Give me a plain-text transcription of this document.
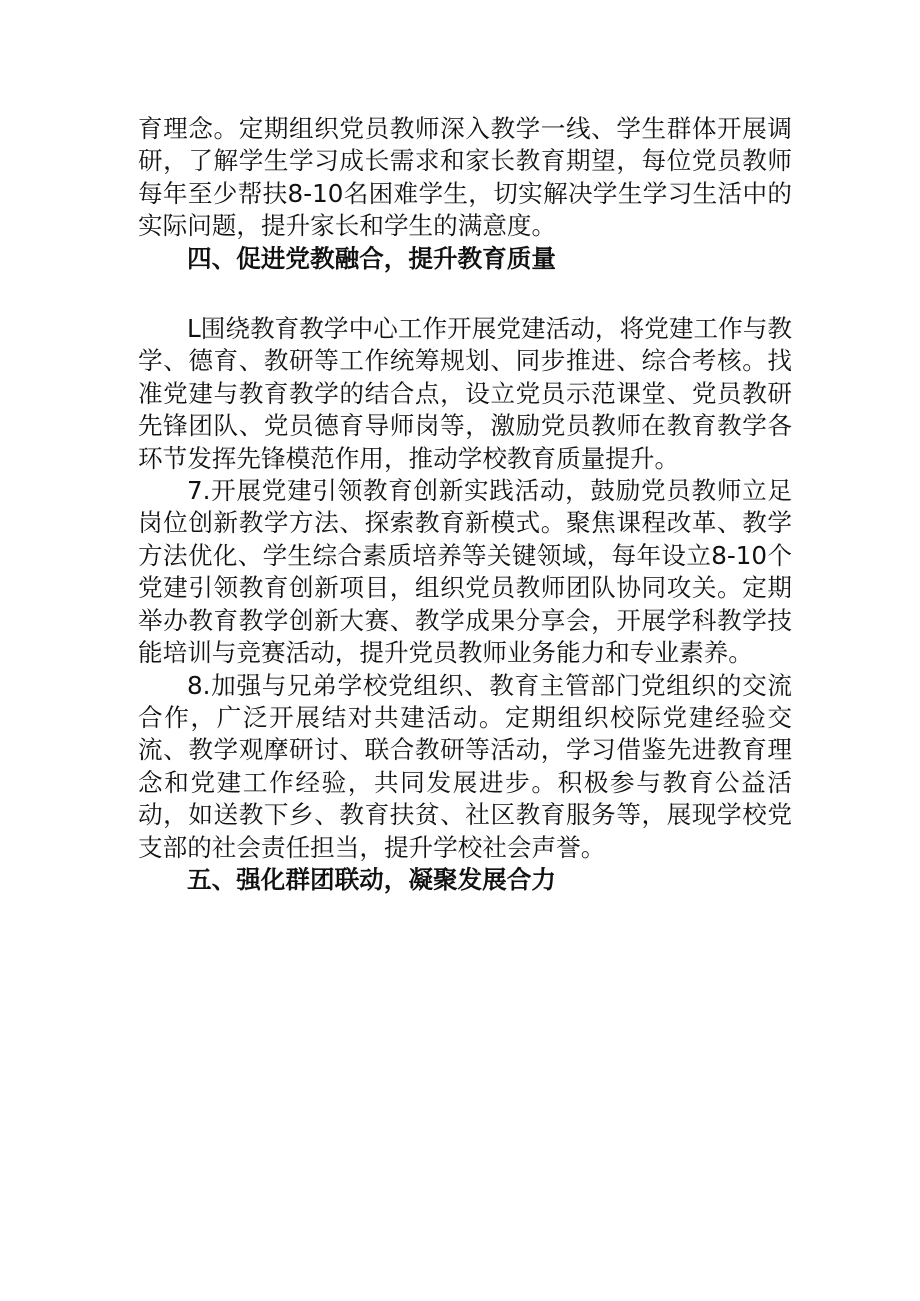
育理念。定期组织党员教师深入教学一线、学生群体开展调研，了解学生学习成长需求和家长教育期望，每位党员教师每年至少帮扶8-10名困难学生，切实解决学生学习生活中的实际问题，提升家长和学生的满意度。

四、促进党教融合，提升教育质量

L围绕教育教学中心工作开展党建活动，将党建工作与教学、德育、教研等工作统筹规划、同步推进、综合考核。找准党建与教育教学的结合点，设立党员示范课堂、党员教研先锋团队、党员德育导师岗等，激励党员教师在教育教学各环节发挥先锋模范作用，推动学校教育质量提升。

7.开展党建引领教育创新实践活动，鼓励党员教师立足岗位创新教学方法、探索教育新模式。聚焦课程改革、教学方法优化、学生综合素质培养等关键领域，每年设立8-10个党建引领教育创新项目，组织党员教师团队协同攻关。定期举办教育教学创新大赛、教学成果分享会，开展学科教学技能培训与竞赛活动，提升党员教师业务能力和专业素养。

8.加强与兄弟学校党组织、教育主管部门党组织的交流合作，广泛开展结对共建活动。定期组织校际党建经验交流、教学观摩研讨、联合教研等活动，学习借鉴先进教育理念和党建工作经验，共同发展进步。积极参与教育公益活动，如送教下乡、教育扶贫、社区教育服务等，展现学校党支部的社会责任担当，提升学校社会声誉。

五、强化群团联动，凝聚发展合力
